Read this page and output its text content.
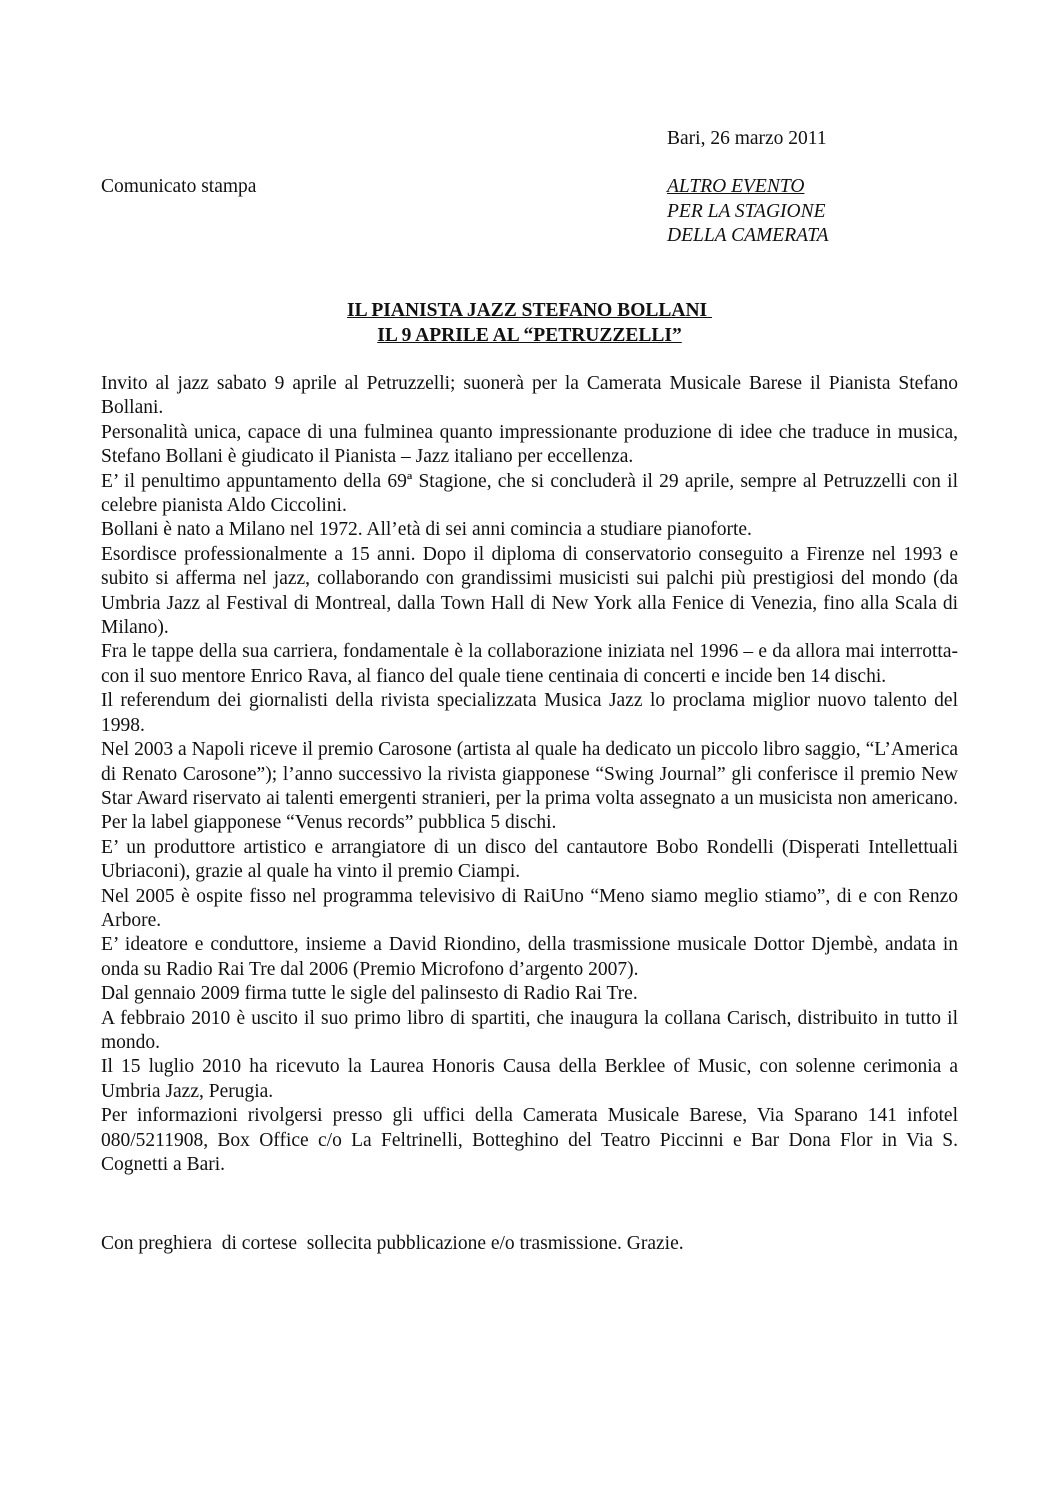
Bari, 26 marzo 2011
Comunicato stampa	ALTRO EVENTO
PER LA STAGIONE
DELLA CAMERATA
IL PIANISTA JAZZ STEFANO BOLLANI
IL 9 APRILE AL “PETRUZZELLI”

Invito al jazz sabato 9 aprile al Petruzzelli; suonerà per la Camerata Musicale Barese il Pianista Stefano Bollani.

Personalità unica, capace di una fulminea quanto impressionante produzione di idee che traduce in musica, Stefano Bollani è giudicato il Pianista – Jazz italiano per eccellenza.

E’ il penultimo appuntamento della 69ª Stagione, che si concluderà il 29 aprile, sempre al Petruzzelli con il celebre pianista Aldo Ciccolini.

Bollani è nato a Milano nel 1972. All’età di sei anni comincia a studiare pianoforte.

Esordisce professionalmente a 15 anni. Dopo il diploma di conservatorio conseguito a Firenze nel 1993 e subito si afferma nel jazz, collaborando con grandissimi musicisti sui palchi più prestigiosi del mondo (da Umbria Jazz al Festival di Montreal, dalla Town Hall di New York alla Fenice di Venezia, fino alla Scala di Milano).

Fra le tappe della sua carriera, fondamentale è la collaborazione iniziata nel 1996 – e da allora mai interrotta- con il suo mentore Enrico Rava, al fianco del quale tiene centinaia di concerti e incide ben 14 dischi.

Il referendum dei giornalisti della rivista specializzata Musica Jazz lo proclama miglior nuovo talento del 1998.

Nel 2003 a Napoli riceve il premio Carosone (artista al quale ha dedicato un piccolo libro saggio, “L’America di Renato Carosone”); l’anno successivo la rivista giapponese “Swing Journal” gli conferisce il premio New Star Award riservato ai talenti emergenti stranieri, per la prima volta assegnato a un musicista non americano. Per la label giapponese “Venus records” pubblica 5 dischi.

E’ un produttore artistico e arrangiatore di un disco del cantautore Bobo Rondelli (Disperati Intellettuali Ubriaconi), grazie al quale ha vinto il premio Ciampi.

Nel 2005 è ospite fisso nel programma televisivo di RaiUno “Meno siamo meglio stiamo”, di e con Renzo Arbore.

E’ ideatore e conduttore, insieme a David Riondino, della trasmissione musicale Dottor Djembè, andata in onda su Radio Rai Tre dal 2006 (Premio Microfono d’argento 2007).

Dal gennaio 2009 firma tutte le sigle del palinsesto di Radio Rai Tre.

A febbraio 2010 è uscito il suo primo libro di spartiti, che inaugura la collana Carisch, distribuito in tutto il mondo.

Il 15 luglio 2010 ha ricevuto la Laurea Honoris Causa della Berklee of Music, con solenne cerimonia a Umbria Jazz, Perugia.

Per informazioni rivolgersi presso gli uffici della Camerata Musicale Barese, Via Sparano 141 infotel 080/5211908, Box Office c/o La Feltrinelli, Botteghino del Teatro Piccinni e Bar Dona Flor in Via S. Cognetti a Bari.

Con preghiera  di cortese  sollecita pubblicazione e/o trasmissione. Grazie.
